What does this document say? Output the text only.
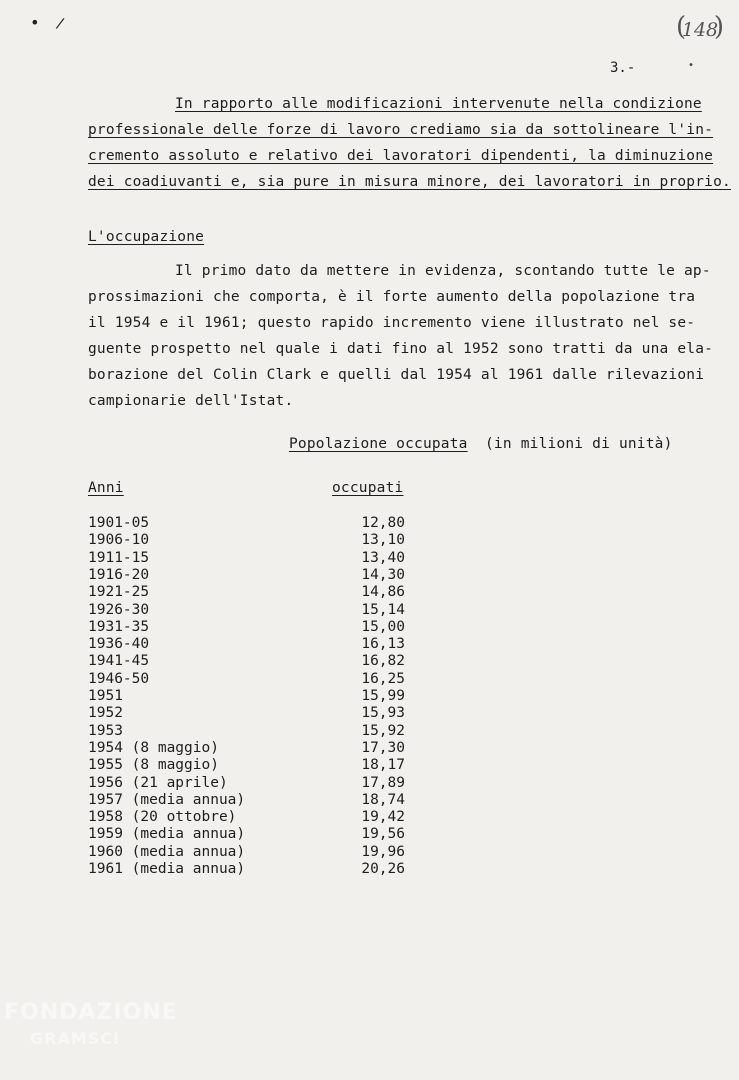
• /
(	148 )
3.-	•
In rapporto alle modificazioni intervenute nella condizione
professionale delle forze di lavoro crediamo sia da sottolineare l'in-
cremento assoluto e relativo dei lavoratori dipendenti, la diminuzione
dei coadiuvanti e, sia pure in misura minore, dei lavoratori in proprio.
L'occupazione
Il primo dato da mettere in evidenza, scontando tutte le ap-
prossimazioni che comporta, è il forte aumento della popolazione tra
il 1954 e il 1961; questo rapido incremento viene illustrato nel se-
guente prospetto nel quale i dati fino al 1952 sono tratti da una ela-
borazione del Colin Clark e quelli dal 1954 al 1961 dalle rilevazioni
campionarie dell'Istat.
Popolazione occupata (in milioni di unità)
Anni	occupati
1901-05	12,80
1906-10	13,10
1911-15	13,40
1916-20	14,30
1921-25	14,86
1926-30	15,14
1931-35	15,00
1936-40	16,13
1941-45	16,82
1946-50	16,25
1951	15,99
1952	15,93
1953	15,92
1954 (8 maggio)	17,30
1955 (8 maggio)	18,17
1956 (21 aprile)	17,89
1957 (media annua)	18,74
1958 (20 ottobre)	19,42
1959 (media annua)	19,56
1960 (media annua)	19,96
1961 (media annua)	20,26
FONDAZIONE
GRAMSCI
